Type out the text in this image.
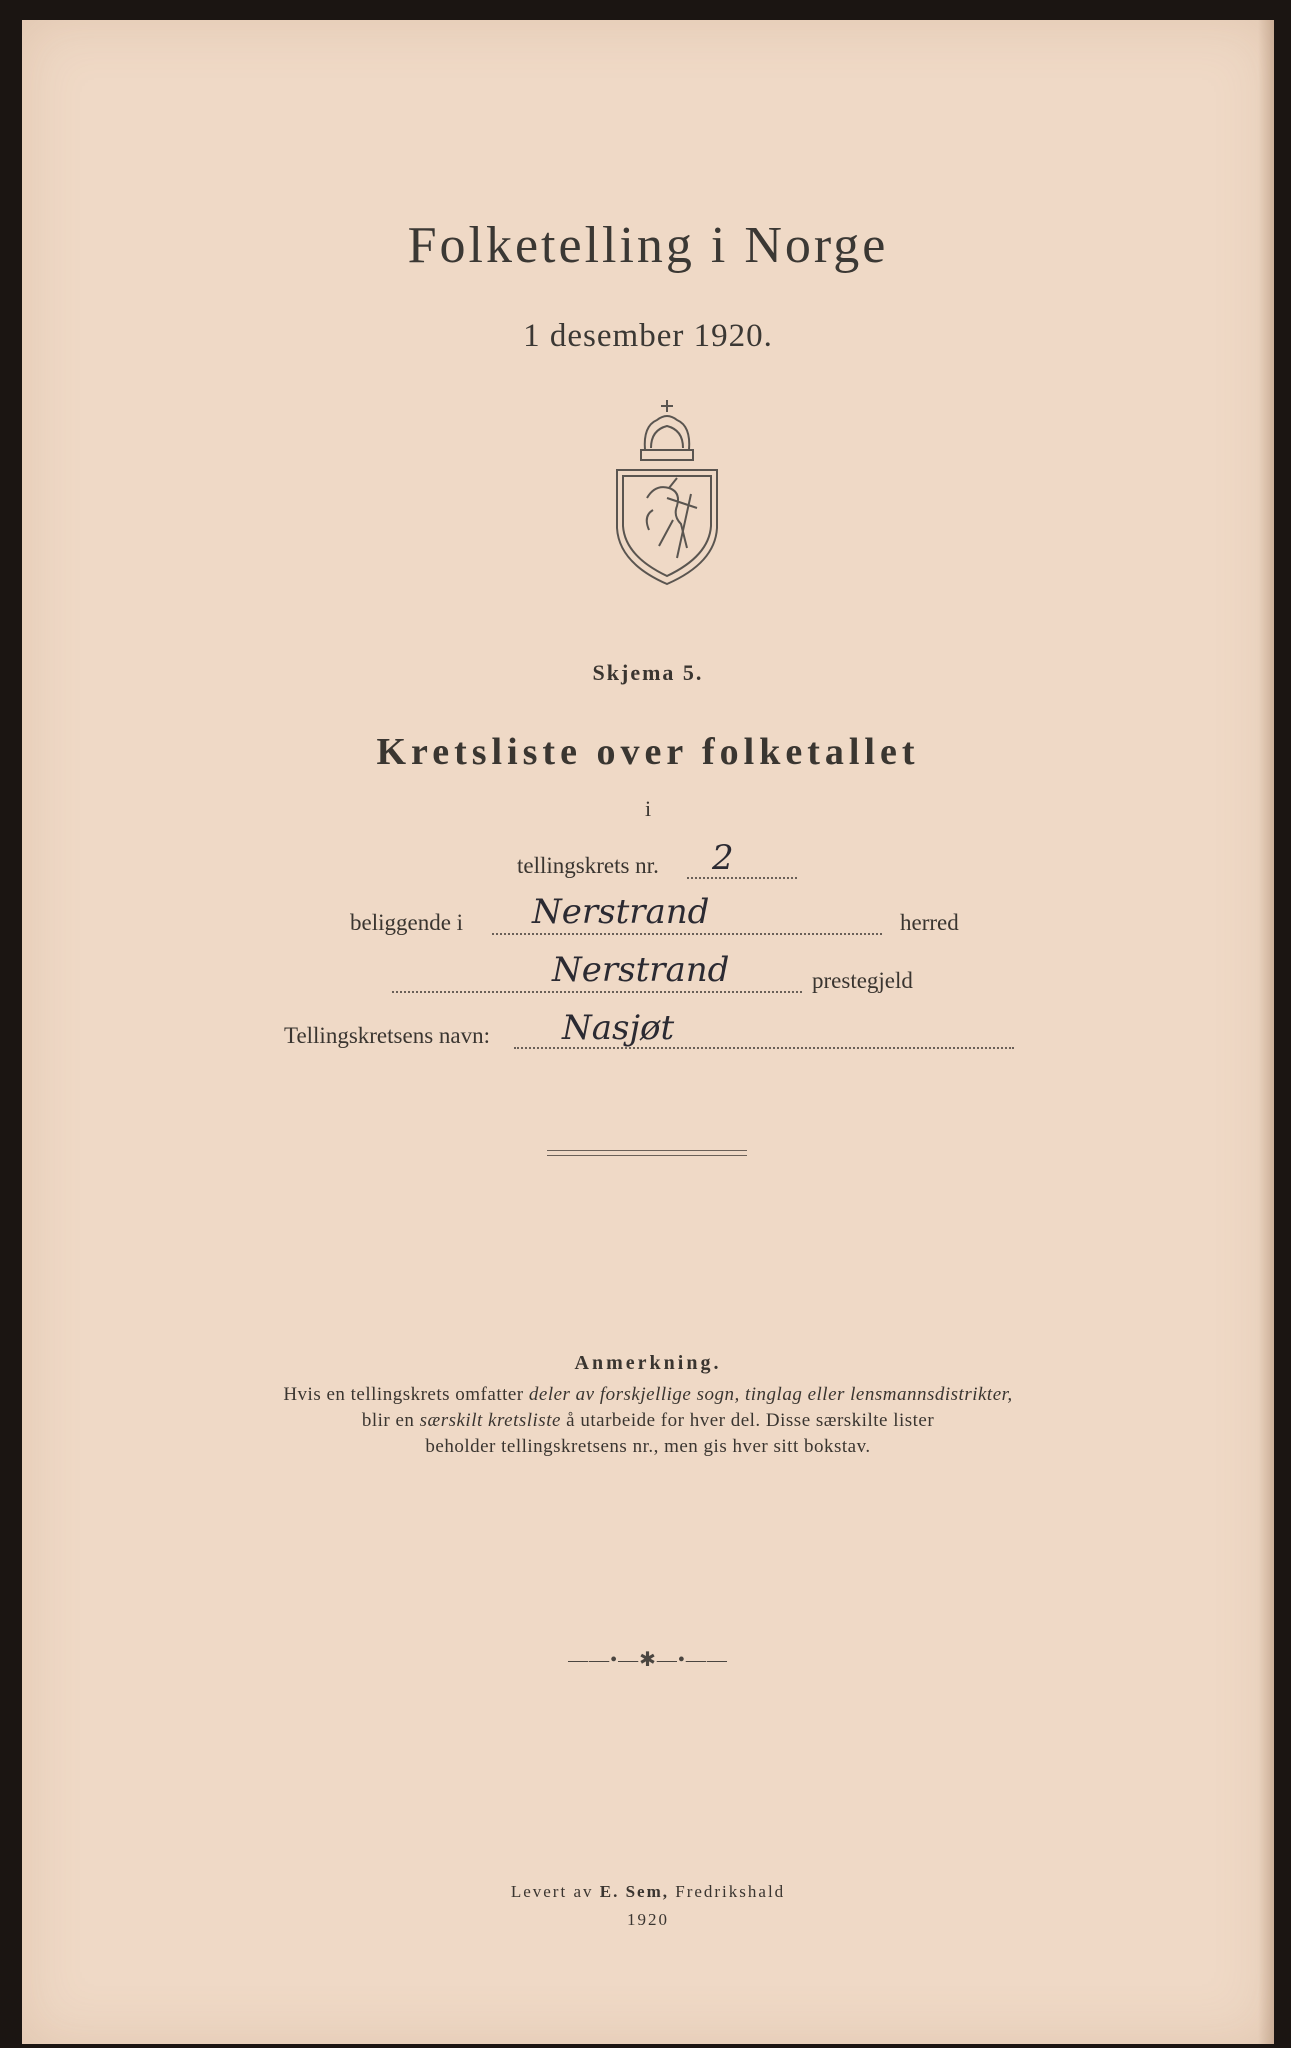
Folketelling i Norge
1 desember 1920.
Skjema 5.
Kretsliste over folketallet
i
tellingskrets nr. 2
beliggende i Nerstrand	herred
Nerstrand	prestegjeld
Tellingskretsens navn: Nasjøt
Anmerkning.
Hvis en tellingskrets omfatter deler av forskjellige sogn, tinglag eller lensmannsdistrikter,
blir en særskilt kretsliste å utarbeide for hver del. Disse særskilte lister
beholder tellingskretsens nr., men gis hver sitt bokstav.
——•—✱—•——
Levert av E. Sem, Fredrikshald
1920
